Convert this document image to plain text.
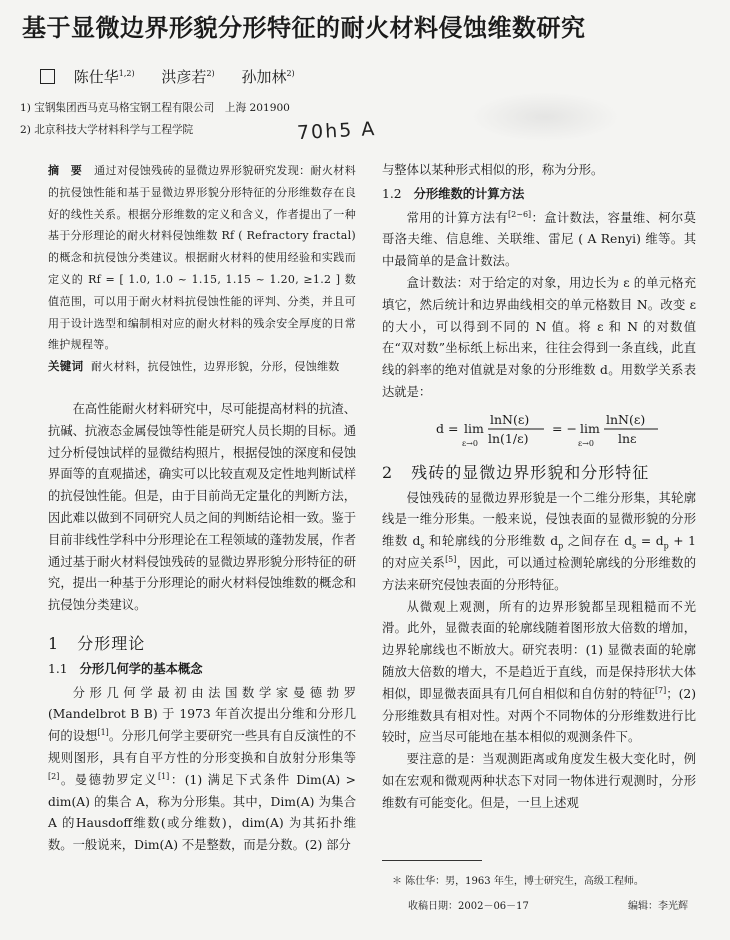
基于显微边界形貌分形特征的耐火材料侵蚀维数研究
陈仕华$^{1,2)}$ 洪彦若$^{2)}$ 孙加林$^{2)}$
1) 宝钢集团西马克马格宝钢工程有限公司　上海 201900
2) 北京科技大学材料科学与工程学院	70h5 A

摘　要 通过对侵蚀残砖的显微边界形貌研究发现：耐火材料的抗侵蚀性能和基于显微边界形貌分形特征的分形维数存在良好的线性关系。根据分形维数的定义和含义，作者提出了一种基于分形理论的耐火材料侵蚀维数 Rf ( Refractory fractal) 的概念和抗侵蚀分类建议。根据耐火材料的使用经验和实践而定义的 Rf = [ 1.0, 1.0 ~ 1.15, 1.15 ~ 1.20, ≥1.2 ] 数值范围，可以用于耐火材料抗侵蚀性能的评判、分类，并且可用于设计选型和编制相对应的耐火材料的残余安全厚度的日常维护规程等。

关键词 耐火材料，抗侵蚀性，边界形貌，分形，侵蚀维数

在高性能耐火材料研究中，尽可能提高材料的抗渣、抗碱、抗液态金属侵蚀等性能是研究人员长期的目标。通过分析侵蚀试样的显微结构照片，根据侵蚀的深度和侵蚀界面等的直观描述，确实可以比较直观及定性地判断试样的抗侵蚀性能。但是，由于目前尚无定量化的判断方法，因此难以做到不同研究人员之间的判断结论相一致。鉴于目前非线性学科中分形理论在工程领域的蓬勃发展，作者通过基于耐火材料侵蚀残砖的显微边界形貌分形特征的研究，提出一种基于分形理论的耐火材料侵蚀维数的概念和抗侵蚀分类建议。

1 分形理论
1.1 分形几何学的基本概念

分形几何学最初由法国数学家曼德勃罗 (Mandelbrot B B) 于 1973 年首次提出分维和分形几何的设想[1]。分形几何学主要研究一些具有自反演性的不规则图形，具有自平方性的分形变换和自放射分形集等[2]。曼德勃罗定义[1]：(1) 满足下式条件 Dim(A) > dim(A) 的集合 A，称为分形集。其中，Dim(A) 为集合 A 的Hausdoff维数(或分维数)，dim(A) 为其拓扑维数。一般说来，Dim(A) 不是整数，而是分数。(2) 部分

与整体以某种形式相似的形，称为分形。

1.2 分形维数的计算方法

常用的计算方法有[2~6]：盒计数法，容量维、柯尔莫哥洛夫维、信息维、关联维、雷尼 ( A Renyi) 维等。其中最简单的是盒计数法。

盒计数法：对于给定的对象，用边长为 ε 的单元格充填它，然后统计和边界曲线相交的单元格数目 N。改变 ε 的大小，可以得到不同的 N 值。将 ε 和 N 的对数值在“双对数”坐标纸上标出来，往往会得到一条直线，此直线的斜率的绝对值就是对象的分形维数 d。用数学关系表达就是：

d = lim
ε→0
lnN(ε)
ln(1/ε)
= − lim
ε→0
lnN(ε)
lnε
2 残砖的显微边界形貌和分形特征

侵蚀残砖的显微边界形貌是一个二维分形集，其轮廓线是一维分形集。一般来说，侵蚀表面的显微形貌的分形维数 $d_s$ 和轮廓线的分形维数 $d_p$ 之间存在 $d_s = d_p + 1$ 的对应关系[5]，因此，可以通过检测轮廓线的分形维数的方法来研究侵蚀表面的分形特征。

从微观上观测，所有的边界形貌都呈现粗糙而不光滑。此外，显微表面的轮廓线随着图形放大倍数的增加，边界轮廓线也不断放大。研究表明：(1) 显微表面的轮廓随放大倍数的增大，不是趋近于直线，而是保持形状大体相似，即显微表面具有几何自相似和自仿射的特征[7]；(2) 分形维数具有相对性。对两个不同物体的分形维数进行比较时，应当尽可能地在基本相似的观测条件下。

要注意的是：当观测距离或角度发生极大变化时，例如在宏观和微观两种状态下对同一物体进行观测时，分形维数有可能变化。但是，一旦上述观

＊ 陈仕华：男，1963 年生，博士研究生，高级工程师。
收稿日期：2002－06－17	编辑：李光辉
